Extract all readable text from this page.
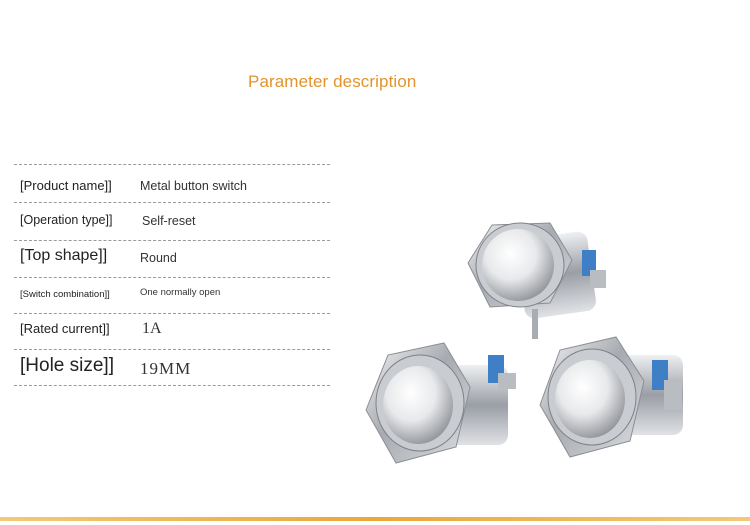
Parameter description
[Product name]] Metal button switch
[Operation type]] Self-reset
[Top shape]]	Round
[Switch combination]]	One normally open
[Rated current]] 1A
[Hole size]] 19MM
